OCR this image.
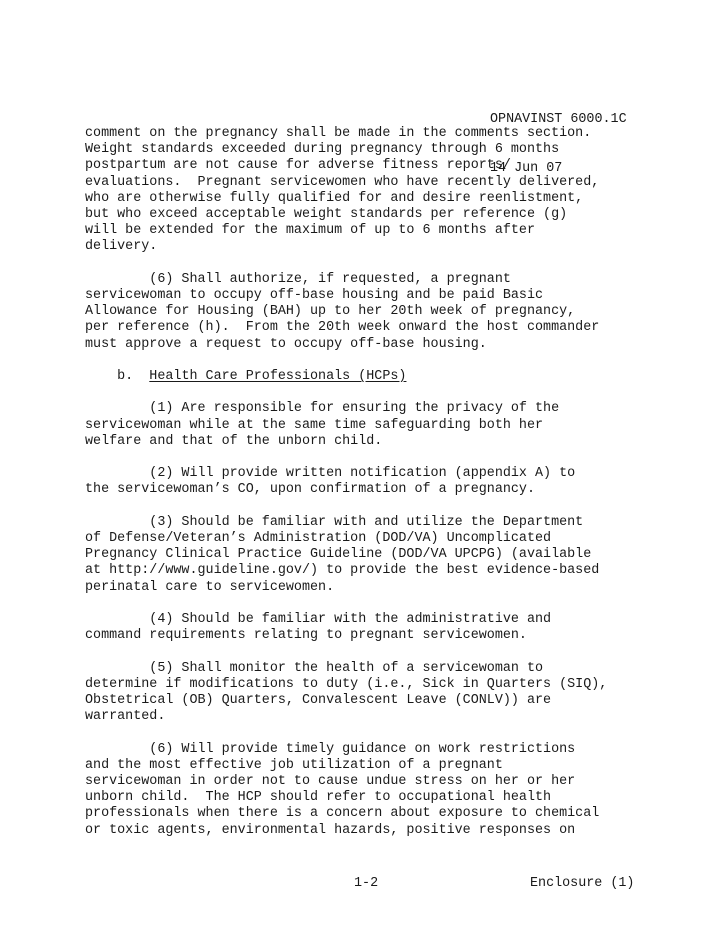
OPNAVINST 6000.1C

14 Jun 07

comment on the pregnancy shall be made in the comments section.
Weight standards exceeded during pregnancy through 6 months
postpartum are not cause for adverse fitness reports/
evaluations.  Pregnant servicewomen who have recently delivered,
who are otherwise fully qualified for and desire reenlistment,
but who exceed acceptable weight standards per reference (g)
will be extended for the maximum of up to 6 months after
delivery.
(6) Shall authorize, if requested, a pregnant
servicewoman to occupy off-base housing and be paid Basic
Allowance for Housing (BAH) up to her 20th week of pregnancy,
per reference (h).  From the 20th week onward the host commander
must approve a request to occupy off-base housing.
b.  Health Care Professionals (HCPs)
(1) Are responsible for ensuring the privacy of the
servicewoman while at the same time safeguarding both her
welfare and that of the unborn child.
(2) Will provide written notification (appendix A) to
the servicewoman’s CO, upon confirmation of a pregnancy.
(3) Should be familiar with and utilize the Department
of Defense/Veteran’s Administration (DOD/VA) Uncomplicated
Pregnancy Clinical Practice Guideline (DOD/VA UPCPG) (available
at http://www.guideline.gov/) to provide the best evidence-based
perinatal care to servicewomen.
(4) Should be familiar with the administrative and
command requirements relating to pregnant servicewomen.
(5) Shall monitor the health of a servicewoman to
determine if modifications to duty (i.e., Sick in Quarters (SIQ),
Obstetrical (OB) Quarters, Convalescent Leave (CONLV)) are
warranted.
(6) Will provide timely guidance on work restrictions
and the most effective job utilization of a pregnant
servicewoman in order not to cause undue stress on her or her
unborn child.  The HCP should refer to occupational health
professionals when there is a concern about exposure to chemical
or toxic agents, environmental hazards, positive responses on
1-2	Enclosure (1)
